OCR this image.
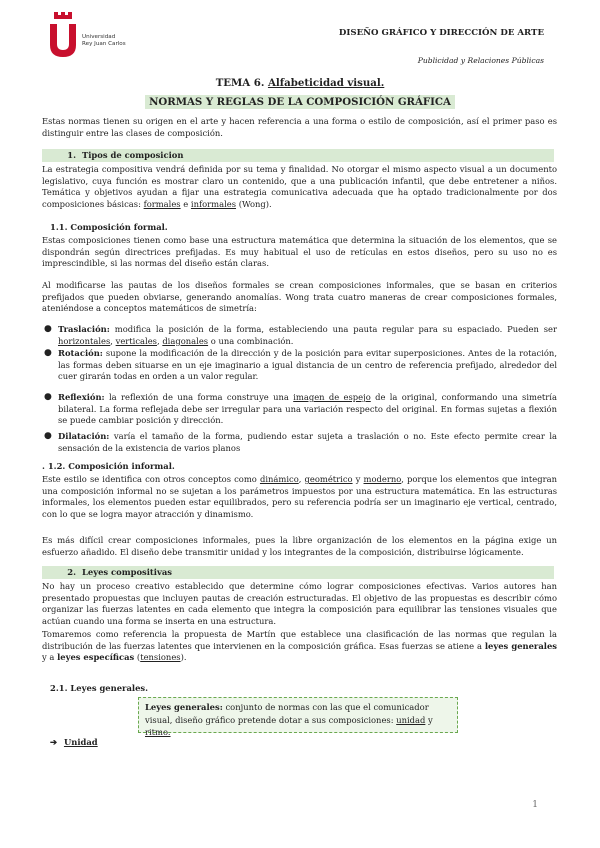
Universidad
Rey Juan Carlos
DISEÑO GRÁFICO Y DIRECCIÓN DE ARTE
Publicidad y Relaciones Públicas
TEMA 6. Alfabeticidad visual.
NORMAS Y REGLAS DE LA COMPOSICIÓN GRÁFICA
Estas normas tienen su origen en el arte y hacen referencia a una forma o estilo de composición, así el primer paso es distinguir entre las clases de composición.
1. Tipos de composicion
La estrategia compositiva vendrá definida por su tema y finalidad. No otorgar el mismo aspecto visual a un documento legislativo, cuya función es mostrar claro un contenido, que a una publicación infantil, que debe entretener a niños. Temática y objetivos ayudan a fijar una estrategia comunicativa adecuada que ha optado tradicionalmente por dos composiciones básicas: formales e informales (Wong).
1.1. Composición formal.
Estas composiciones tienen como base una estructura matemática que determina la situación de los elementos, que se dispondrán según directrices prefijadas. Es muy habitual el uso de retículas en estos diseños, pero su uso no es imprescindible, si las normas del diseño están claras.
Al modificarse las pautas de los diseños formales se crean composiciones informales, que se basan en criterios prefijados que pueden obviarse, generando anomalías. Wong trata cuatro maneras de crear composiciones formales, ateniéndose a conceptos matemáticos de simetría:
● Traslación: modifica la posición de la forma, estableciendo una pauta regular para su espaciado. Pueden ser horizontales, verticales, diagonales o una combinación.
● Rotación: supone la modificación de la dirección y de la posición para evitar superposiciones. Antes de la rotación, las formas deben situarse en un eje imaginario a igual distancia de un centro de referencia prefijado, alrededor del cuer girarán todas en orden a un valor regular.
● Reflexión: la reflexión de una forma construye una imagen de espejo de la original, conformando una simetría bilateral. La forma reflejada debe ser irregular para una variación respecto del original. En formas sujetas a flexión se puede cambiar posición y dirección.
● Dilatación: varía el tamaño de la forma, pudiendo estar sujeta a traslación o no. Este efecto permite crear la sensación de la existencia de varios planos
. 1.2. Composición informal.
Este estilo se identifica con otros conceptos como dinámico, geométrico y moderno, porque los elementos que integran una composición informal no se sujetan a los parámetros impuestos por una estructura matemática. En las estructuras informales, los elementos pueden estar equilibrados, pero su referencia podría ser un imaginario eje vertical, centrado, con lo que se logra mayor atracción y dinamismo.
Es más difícil crear composiciones informales, pues la libre organización de los elementos en la página exige un esfuerzo añadido. El diseño debe transmitir unidad y los integrantes de la composición, distribuirse lógicamente.
2. Leyes compositivas
No hay un proceso creativo establecido que determine cómo lograr composiciones efectivas. Varios autores han presentado propuestas que incluyen pautas de creación estructuradas. El objetivo de las propuestas es describir cómo organizar las fuerzas latentes en cada elemento que integra la composición para equilibrar las tensiones visuales que actúan cuando una forma se inserta en una estructura.
Tomaremos como referencia la propuesta de Martín que establece una clasificación de las normas que regulan la distribución de las fuerzas latentes que intervienen en la composición gráfica. Esas fuerzas se atiene a leyes generales y a leyes específicas (tensiones).
2.1. Leyes generales.
Leyes generales: conjunto de normas con las que el comunicador visual, diseño gráfico pretende dotar a sus composiciones: unidad y ritmo.
➔ Unidad
1
